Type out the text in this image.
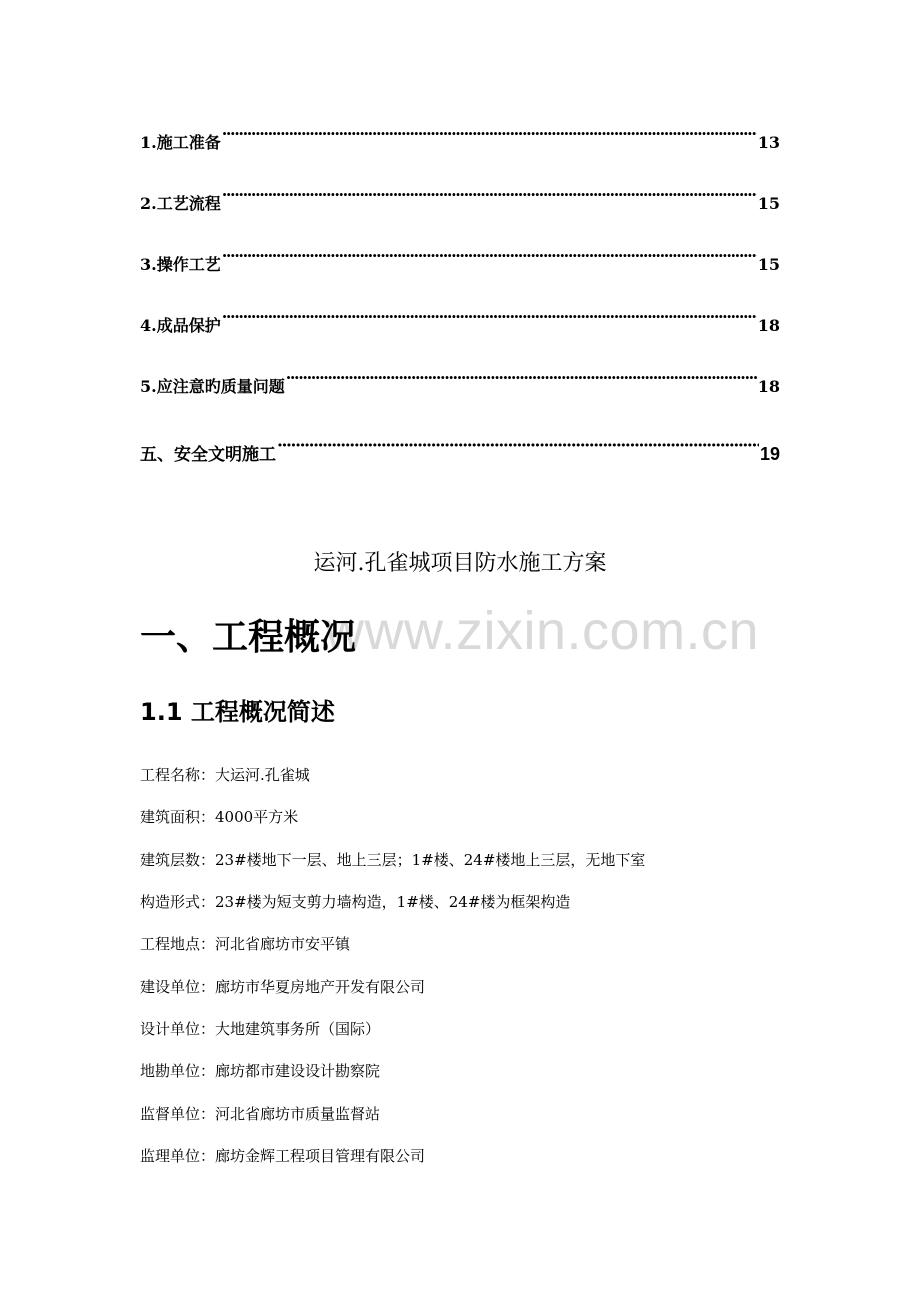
1.施工准备 ·····	13
2.工艺流程 ·····	15
3.操作工艺 ·····	15
4.成品保护 ·····	18
5.应注意旳质量问题 ·····	18
五、安全文明施工 ·····	19
运河.孔雀城项目防水施工方案
www.zixin.com.cn
一、工程概况
1.1 工程概况简述
工程名称：大运河.孔雀城
建筑面积：4000平方米
建筑层数：23#楼地下一层、地上三层；1#楼、24#楼地上三层，无地下室
构造形式：23#楼为短支剪力墙构造，1#楼、24#楼为框架构造
工程地点：河北省廊坊市安平镇
建设单位：廊坊市华夏房地产开发有限公司
设计单位：大地建筑事务所（国际）
地勘单位：廊坊都市建设设计勘察院
监督单位：河北省廊坊市质量监督站
监理单位：廊坊金辉工程项目管理有限公司
